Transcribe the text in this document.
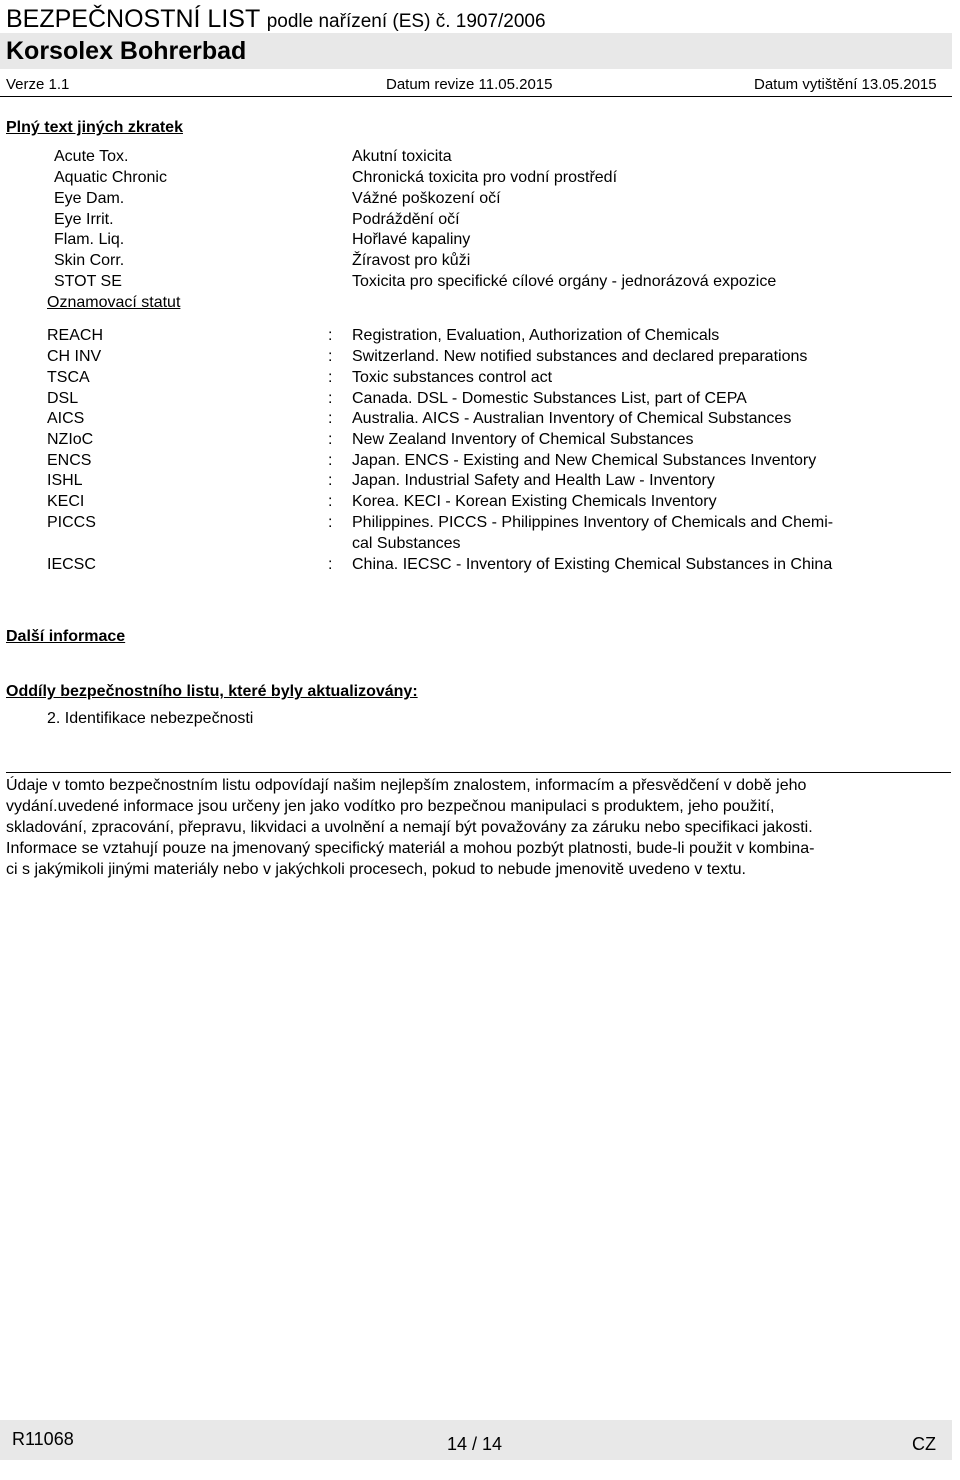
BEZPEČNOSTNÍ LIST podle nařízení (ES) č. 1907/2006
Korsolex Bohrerbad
Verze 1.1	Datum revize 11.05.2015	Datum vytištění 13.05.2015
Plný text jiných zkratek
Acute Tox.	Akutní toxicita
Aquatic Chronic	Chronická toxicita pro vodní prostředí
Eye Dam.	Vážné poškození očí
Eye Irrit.	Podráždění očí
Flam. Liq.	Hořlavé kapaliny
Skin Corr.	Žíravost pro kůži
STOT SE	Toxicita pro specifické cílové orgány - jednorázová expozice
Oznamovací statut
REACH	: Registration, Evaluation, Authorization of Chemicals
CH INV	: Switzerland. New notified substances and declared preparations
TSCA	: Toxic substances control act
DSL	: Canada. DSL - Domestic Substances List, part of CEPA
AICS	: Australia. AICS - Australian Inventory of Chemical Substances
NZIoC	: New Zealand Inventory of Chemical Substances
ENCS	: Japan. ENCS - Existing and New Chemical Substances Inventory
ISHL	: Japan. Industrial Safety and Health Law - Inventory
KECI	: Korea. KECI - Korean Existing Chemicals Inventory
PICCS	: Philippines. PICCS - Philippines Inventory of Chemicals and Chemi-
cal Substances
IECSC	: China. IECSC - Inventory of Existing Chemical Substances in China
Další informace
Oddíly bezpečnostního listu, které byly aktualizovány:
2. Identifikace nebezpečnosti
Údaje v tomto bezpečnostním listu odpovídají našim nejlepším znalostem, informacím a přesvědčení v době jeho
vydání.uvedené informace jsou určeny jen jako vodítko pro bezpečnou manipulaci s produktem, jeho použití,
skladování, zpracování, přepravu, likvidaci a uvolnění a nemají být považovány za záruku nebo specifikaci jakosti.
Informace se vztahují pouze na jmenovaný specifický materiál a mohou pozbýt platnosti, bude-li použit v kombina-
ci s jakýmikoli jinými materiály nebo v jakýchkoli procesech, pokud to nebude jmenovitě uvedeno v textu.
R11068	14 / 14	CZ
